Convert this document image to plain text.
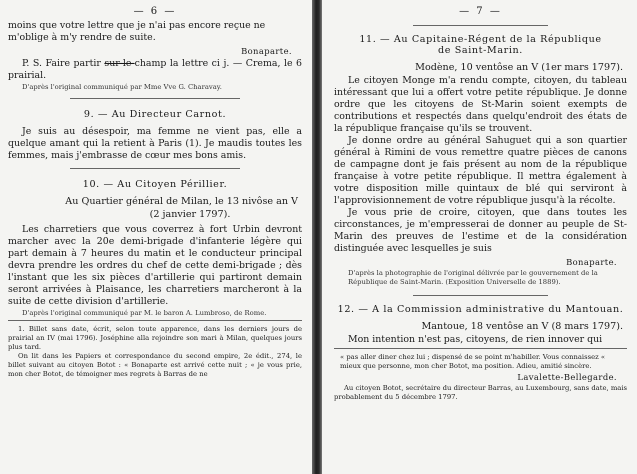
— 6 —

moins que votre lettre que je n'ai pas encore reçue ne

m'oblige à m'y rendre de suite.

Bonaparte.

P. S. Faire partir sur-le-champ la lettre ci j. — Crema, le 6 prairial.

D'après l'original communiqué par Mme Vve G. Charavay.
9. — Au Directeur Carnot.

Je suis au désespoir, ma femme ne vient pas, elle a quelque amant qui la retient à Paris (1). Je maudis toutes les femmes, mais j'embrasse de cœur mes bons amis.

10. — Au Citoyen Périllier.
Au Quartier général de Milan, le 13 nivôse an V
(2 janvier 1797).

Les charretiers que vous coverrez à fort Urbin devront marcher avec la 20e demi-brigade d'infanterie légère qui part demain à 7 heures du matin et le conducteur principal devra prendre les ordres du chef de cette demi-brigade ; dès l'instant que les six pièces d'artillerie qui partiront demain seront arrivées à Plaisance, les charretiers marcheront à la suite de cette division d'artillerie.

D'après l'original communiqué par M. le baron A. Lumbroso, de Rome.

1. Billet sans date, écrit, selon toute apparence, dans les derniers jours de prairial an IV (mai 1796). Joséphine alla rejoindre son mari à Milan, quelques jours plus tard.

On lit dans les Papiers et correspondance du second empire, 2e édit., 274, le billet suivant au citoyen Botot : « Bonaparte est arrivé cette nuit ; « je vous prie, mon cher Botot, de témoigner mes regrets à Barras de ne

— 7 —
11. — Au Capitaine-Régent de la République
de Saint-Marin.
Modène, 10 ventôse an V (1er mars 1797).

Le citoyen Monge m'a rendu compte, citoyen, du tableau intéressant que lui a offert votre petite république. Je donne ordre que les citoyens de St-Marin soient exempts de contributions et respectés dans quelqu'endroit des états de la république française qu'ils se trouvent.

Je donne ordre au général Sahuguet qui a son quartier général à Rimini de vous remettre quatre pièces de canons de campagne dont je fais présent au nom de la république française à votre petite république. Il mettra également à votre disposition mille quintaux de blé qui serviront à l'approvisionnement de votre république jusqu'à la récolte.

Je vous prie de croire, citoyen, que dans toutes les circonstances, je m'empresserai de donner au peuple de St-Marin des preuves de l'estime et de la considération distinguée avec lesquelles je suis

Bonaparte.
D'après la photographie de l'original délivrée par le gouvernement de la République de Saint-Marin. (Exposition Universelle de 1889).
12. — A la Commission administrative du Mantouan.
Mantoue, 18 ventôse an V (8 mars 1797).

Mon intention n'est pas, citoyens, de rien innover qui

« pas aller diner chez lui ; dispensé de se point m'habiller. Vous connaissez « mieux que personne, mon cher Botot, ma position. Adieu, amitié sincère.

Lavalette-Bellegarde.

Au citoyen Botot, secrétaire du directeur Barras, au Luxembourg, sans date, mais probablement du 5 décembre 1797.
